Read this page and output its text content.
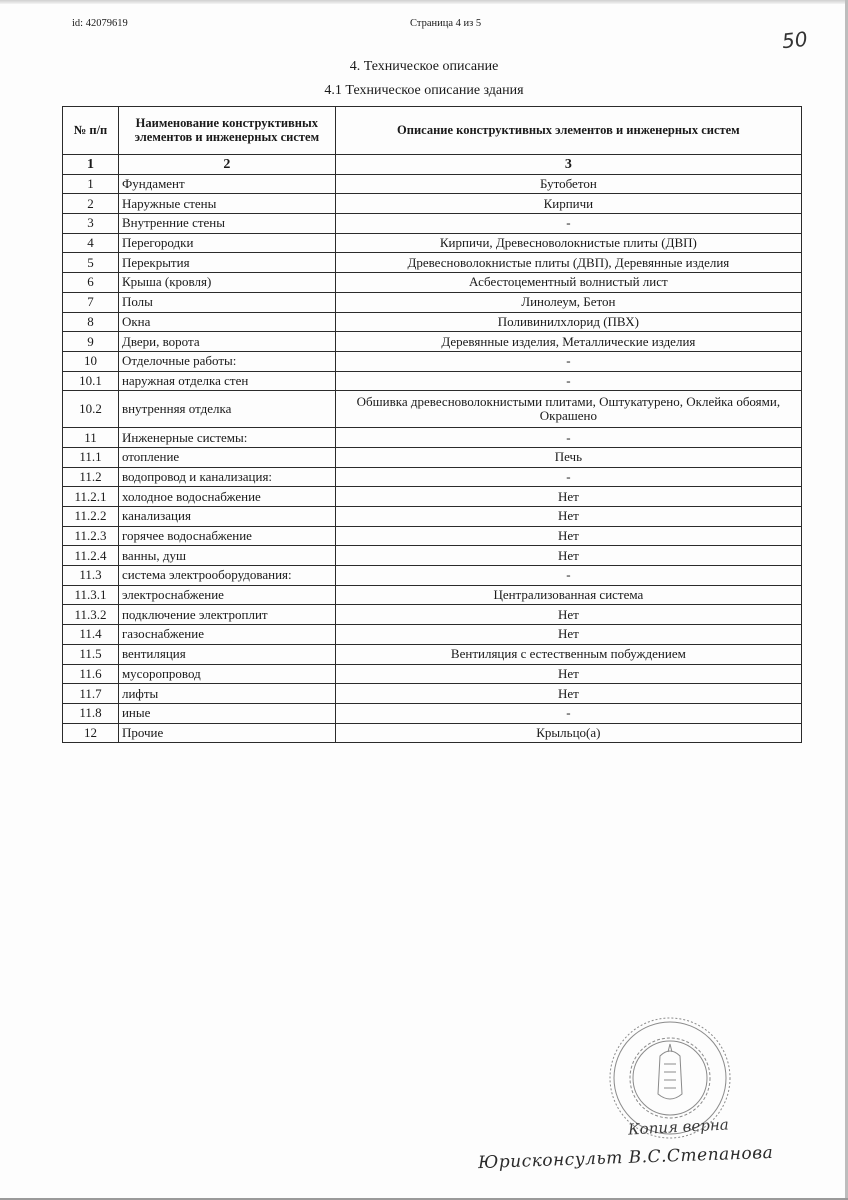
id: 42079619	Страница 4 из 5
50
4. Техническое описание
4.1 Техническое описание здания
№ п/п	Наименование конструктивных элементов и инженерных систем	Описание конструктивных элементов и инженерных систем
1	2	3
1	Фундамент	Бутобетон
2	Наружные стены	Кирпичи
3	Внутренние стены	-
4	Перегородки	Кирпичи, Древесноволокнистые плиты (ДВП)
5	Перекрытия	Древесноволокнистые плиты (ДВП), Деревянные изделия
6	Крыша (кровля)	Асбестоцементный волнистый лист
7	Полы	Линолеум, Бетон
8	Окна	Поливинилхлорид (ПВХ)
9	Двери, ворота	Деревянные изделия, Металлические изделия
10	Отделочные работы:	-
10.1	наружная отделка стен	-
10.2	внутренняя отделка	Обшивка древесноволокнистыми плитами, Оштукатурено, Оклейка обоями, Окрашено
11	Инженерные системы:	-
11.1	отопление	Печь
11.2	водопровод и канализация:	-
11.2.1	холодное водоснабжение	Нет
11.2.2	канализация	Нет
11.2.3	горячее водоснабжение	Нет
11.2.4	ванны, душ	Нет
11.3	система электрооборудования:	-
11.3.1	электроснабжение	Централизованная система
11.3.2	подключение электроплит	Нет
11.4	газоснабжение	Нет
11.5	вентиляция	Вентиляция с естественным побуждением
11.6	мусоропровод	Нет
11.7	лифты	Нет
11.8	иные	-
12	Прочие	Крыльцо(а)
Копия верна
Юрисконсульт В.С.Степанова
